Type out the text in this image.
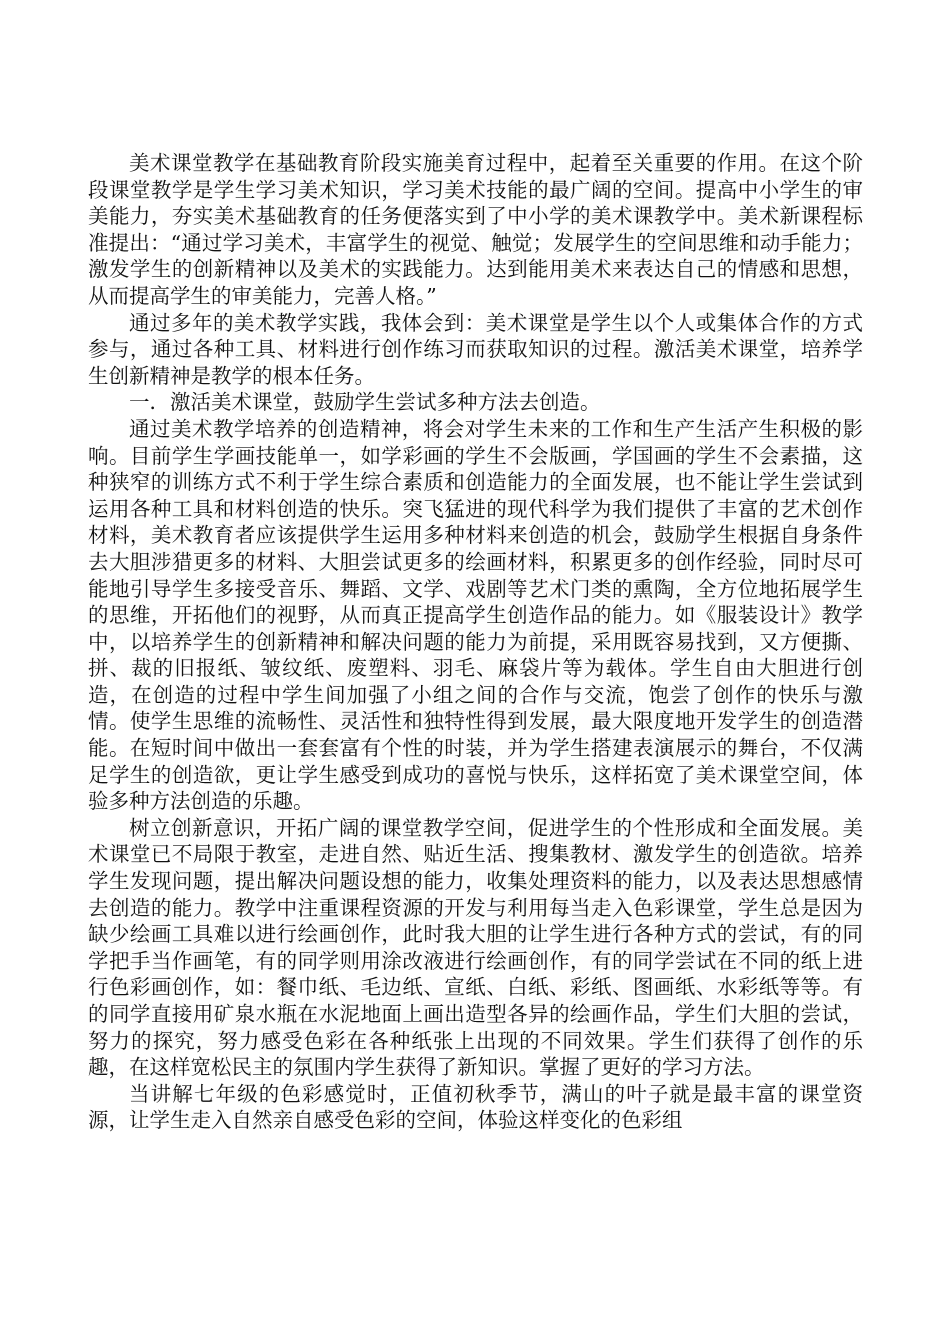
美术课堂教学在基础教育阶段实施美育过程中，起着至关重要的作用。在这个阶段课堂教学是学生学习美术知识，学习美术技能的最广阔的空间。提高中小学生的审美能力，夯实美术基础教育的任务便落实到了中小学的美术课教学中。美术新课程标准提出：“通过学习美术，丰富学生的视觉、触觉；发展学生的空间思维和动手能力；激发学生的创新精神以及美术的实践能力。达到能用美术来表达自己的情感和思想，从而提高学生的审美能力，完善人格。”

通过多年的美术教学实践，我体会到：美术课堂是学生以个人或集体合作的方式参与，通过各种工具、材料进行创作练习而获取知识的过程。激活美术课堂，培养学生创新精神是教学的根本任务。

一．激活美术课堂，鼓励学生尝试多种方法去创造。

通过美术教学培养的创造精神，将会对学生未来的工作和生产生活产生积极的影响。目前学生学画技能单一，如学彩画的学生不会版画，学国画的学生不会素描，这种狭窄的训练方式不利于学生综合素质和创造能力的全面发展，也不能让学生尝试到运用各种工具和材料创造的快乐。突飞猛进的现代科学为我们提供了丰富的艺术创作材料，美术教育者应该提供学生运用多种材料来创造的机会，鼓励学生根据自身条件去大胆涉猎更多的材料、大胆尝试更多的绘画材料，积累更多的创作经验，同时尽可能地引导学生多接受音乐、舞蹈、文学、戏剧等艺术门类的熏陶，全方位地拓展学生的思维，开拓他们的视野，从而真正提高学生创造作品的能力。如《服装设计》教学中，以培养学生的创新精神和解决问题的能力为前提，采用既容易找到，又方便撕、拼、裁的旧报纸、皱纹纸、废塑料、羽毛、麻袋片等为载体。学生自由大胆进行创造，在创造的过程中学生间加强了小组之间的合作与交流，饱尝了创作的快乐与激情。使学生思维的流畅性、灵活性和独特性得到发展，最大限度地开发学生的创造潜能。在短时间中做出一套套富有个性的时装，并为学生搭建表演展示的舞台，不仅满足学生的创造欲，更让学生感受到成功的喜悦与快乐，这样拓宽了美术课堂空间，体验多种方法创造的乐趣。

树立创新意识，开拓广阔的课堂教学空间，促进学生的个性形成和全面发展。美术课堂已不局限于教室，走进自然、贴近生活、搜集教材、激发学生的创造欲。培养学生发现问题，提出解决问题设想的能力，收集处理资料的能力，以及表达思想感情去创造的能力。教学中注重课程资源的开发与利用每当走入色彩课堂，学生总是因为缺少绘画工具难以进行绘画创作，此时我大胆的让学生进行各种方式的尝试，有的同学把手当作画笔，有的同学则用涂改液进行绘画创作，有的同学尝试在不同的纸上进行色彩画创作，如：餐巾纸、毛边纸、宣纸、白纸、彩纸、图画纸、水彩纸等等。有的同学直接用矿泉水瓶在水泥地面上画出造型各异的绘画作品，学生们大胆的尝试，努力的探究，努力感受色彩在各种纸张上出现的不同效果。学生们获得了创作的乐趣，在这样宽松民主的氛围内学生获得了新知识。掌握了更好的学习方法。

当讲解七年级的色彩感觉时，正值初秋季节，满山的叶子就是最丰富的课堂资源，让学生走入自然亲自感受色彩的空间，体验这样变化的色彩组
